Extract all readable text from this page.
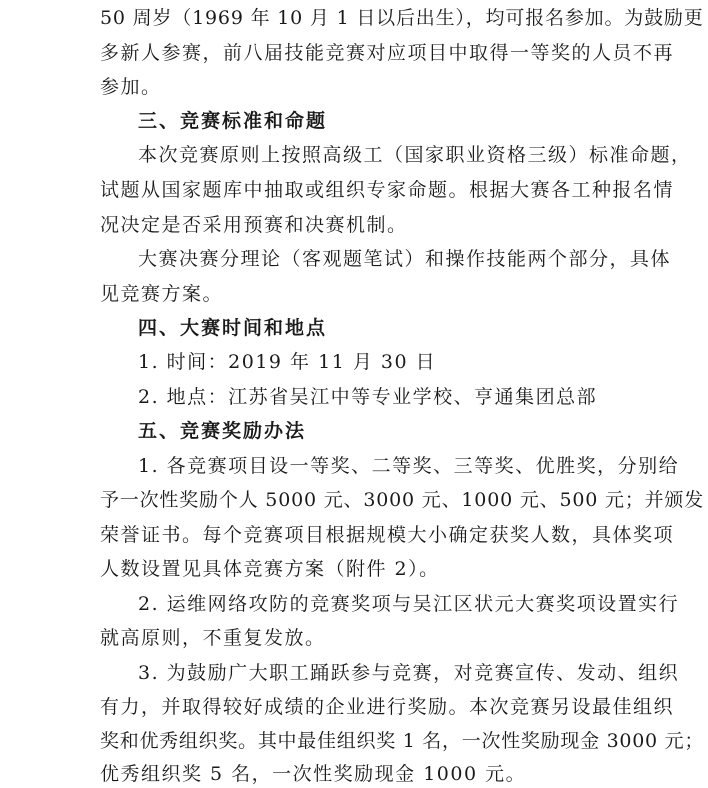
50 周岁（1969 年 10 月 1 日以后出生），均可报名参加。为鼓励更
多新人参赛，前八届技能竞赛对应项目中取得一等奖的人员不再
参加。
三、竞赛标准和命题
本次竞赛原则上按照高级工（国家职业资格三级）标准命题，
试题从国家题库中抽取或组织专家命题。根据大赛各工种报名情
况决定是否采用预赛和决赛机制。
大赛决赛分理论（客观题笔试）和操作技能两个部分，具体
见竞赛方案。
四、大赛时间和地点
1. 时间：2019 年 11 月 30 日
2. 地点：江苏省吴江中等专业学校、亨通集团总部
五、竞赛奖励办法
1. 各竞赛项目设一等奖、二等奖、三等奖、优胜奖，分别给
予一次性奖励个人 5000 元、3000 元、1000 元、500 元；并颁发
荣誉证书。每个竞赛项目根据规模大小确定获奖人数，具体奖项
人数设置见具体竞赛方案（附件 2）。
2. 运维网络攻防的竞赛奖项与吴江区状元大赛奖项设置实行
就高原则，不重复发放。
3. 为鼓励广大职工踊跃参与竞赛，对竞赛宣传、发动、组织
有力，并取得较好成绩的企业进行奖励。本次竞赛另设最佳组织
奖和优秀组织奖。其中最佳组织奖 1 名，一次性奖励现金 3000 元；
优秀组织奖 5 名，一次性奖励现金 1000 元。
